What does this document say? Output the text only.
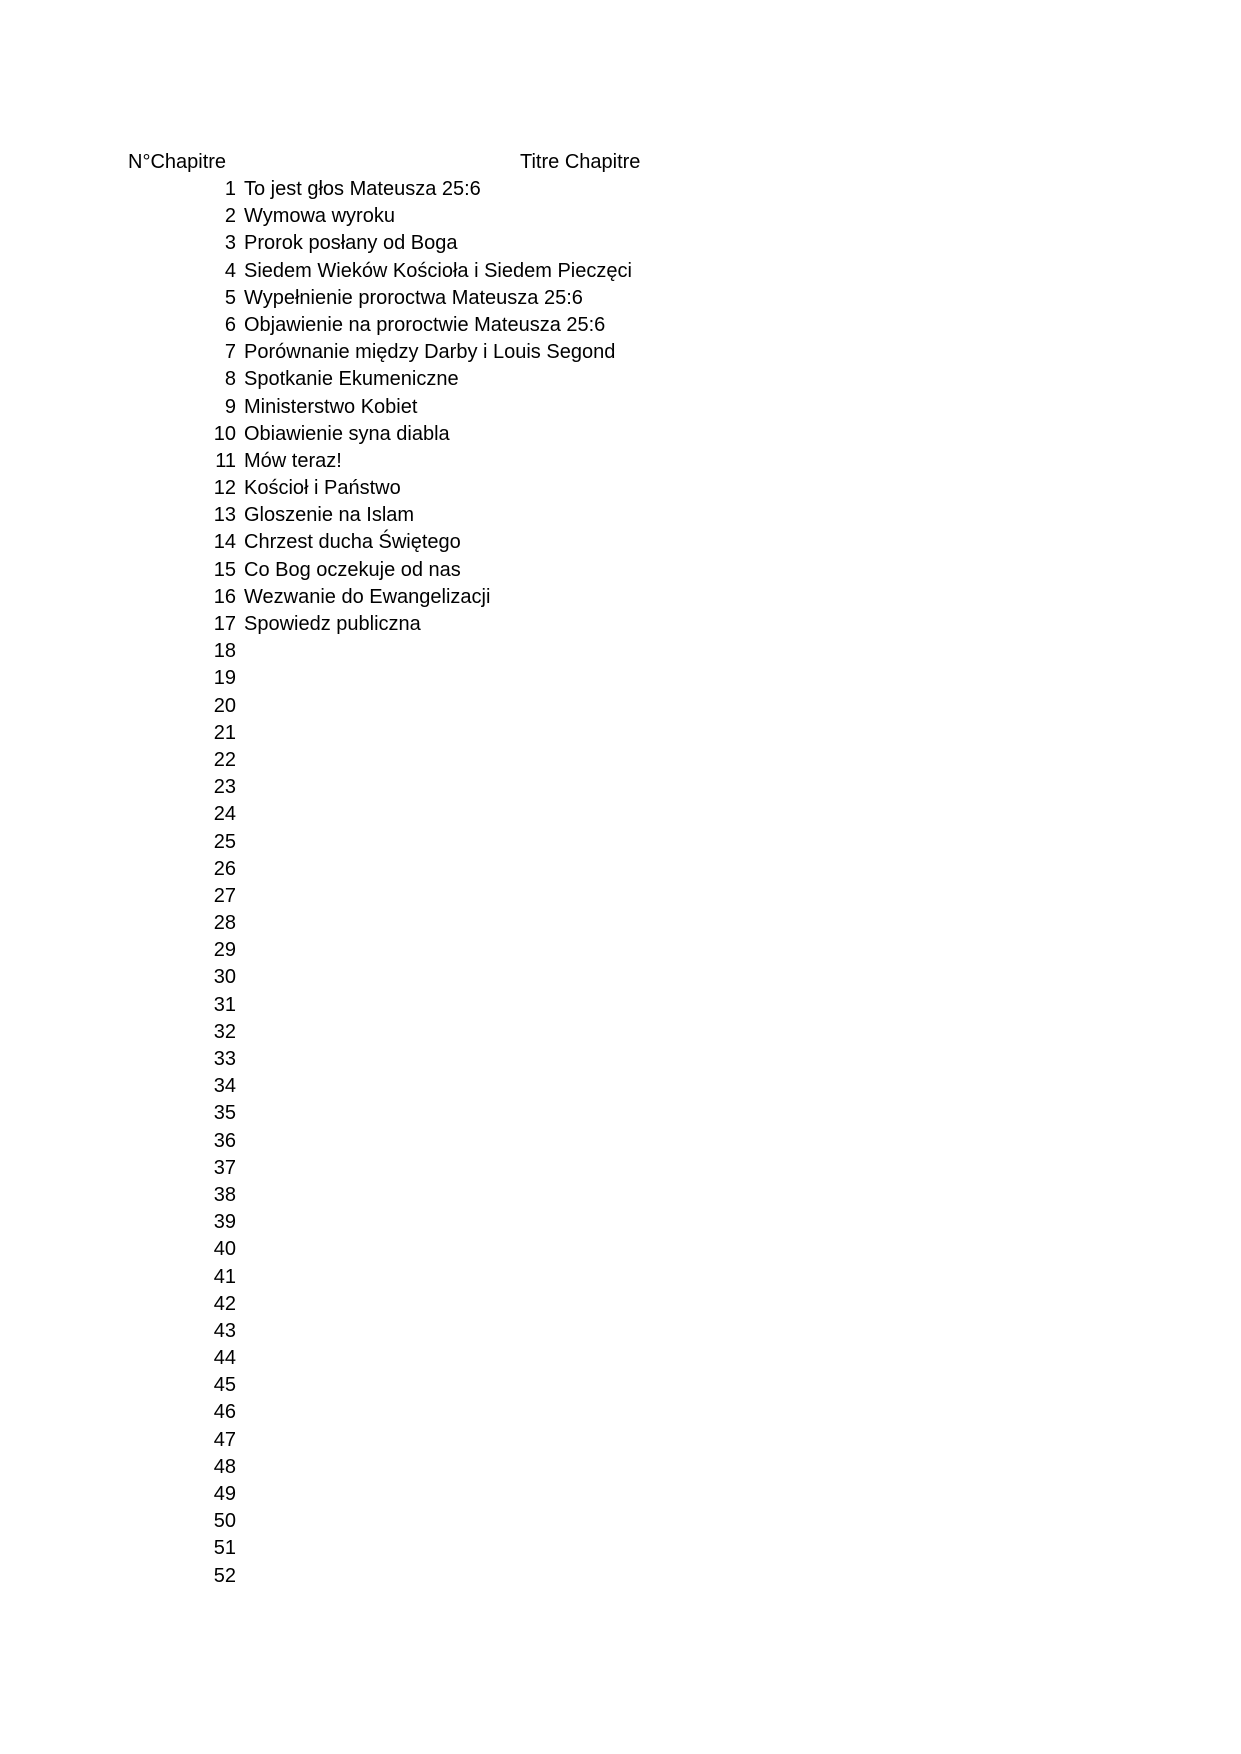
N°Chapitre	Titre Chapitre
1 To jest głos Mateusza 25:6
2 Wymowa wyroku
3 Prorok posłany od Boga
4 Siedem Wieków Kościoła i Siedem Pieczęci
5 Wypełnienie proroctwa Mateusza 25:6
6 Objawienie na proroctwie Mateusza 25:6
7 Porównanie między Darby i Louis Segond
8 Spotkanie Ekumeniczne
9 Ministerstwo Kobiet
10 Obiawienie syna diabla
11 Mów teraz!
12 Kościoł i Państwo
13 Gloszenie na Islam
14 Chrzest ducha Świętego
15 Co Bog oczekuje od nas
16 Wezwanie do Ewangelizacji
17 Spowiedz publiczna
18
19
20
21
22
23
24
25
26
27
28
29
30
31
32
33
34
35
36
37
38
39
40
41
42
43
44
45
46
47
48
49
50
51
52
